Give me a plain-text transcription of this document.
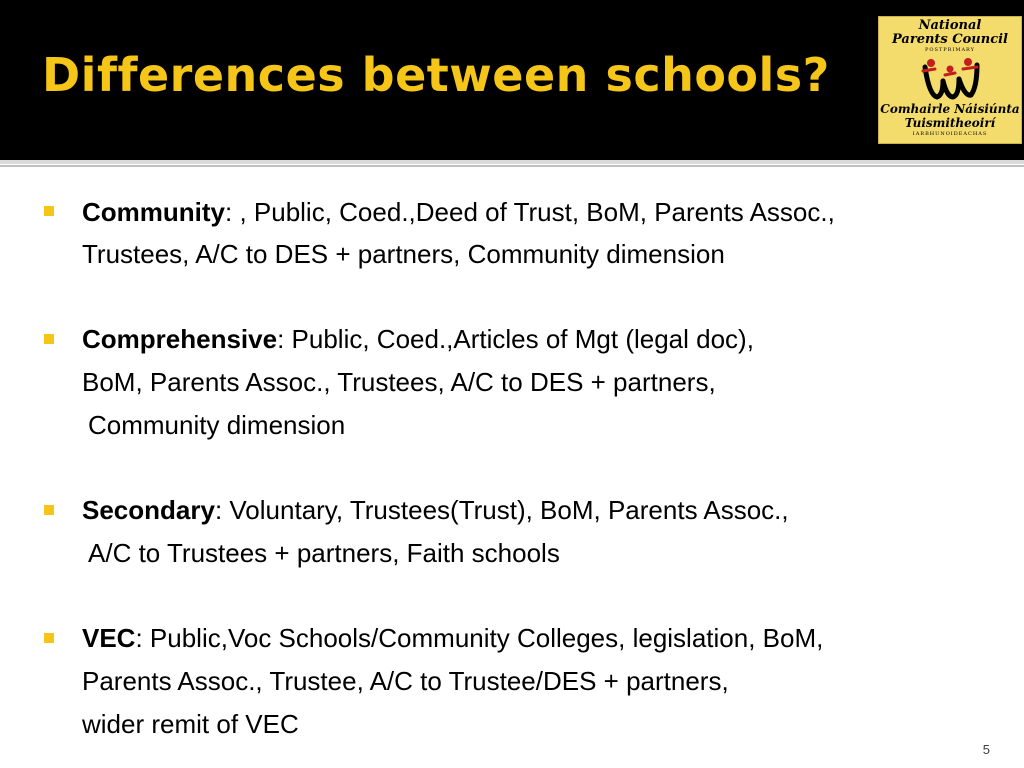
Differences between schools?
National
Parents Council
POSTPRIMARY
Comhairle Náisiúnta
Tuismitheoirí
IARBHUNOIDEACHAS
Community: , Public, Coed.,Deed of Trust, BoM, Parents Assoc.,
Trustees, A/C to DES + partners, Community dimension
Comprehensive: Public, Coed.,Articles of Mgt (legal doc),
BoM, Parents Assoc., Trustees, A/C to DES + partners,
Community dimension
Secondary: Voluntary, Trustees(Trust), BoM, Parents Assoc.,
A/C to Trustees + partners, Faith schools
VEC: Public,Voc Schools/Community Colleges, legislation, BoM,
Parents Assoc., Trustee, A/C to Trustee/DES + partners,
wider remit of VEC
5
